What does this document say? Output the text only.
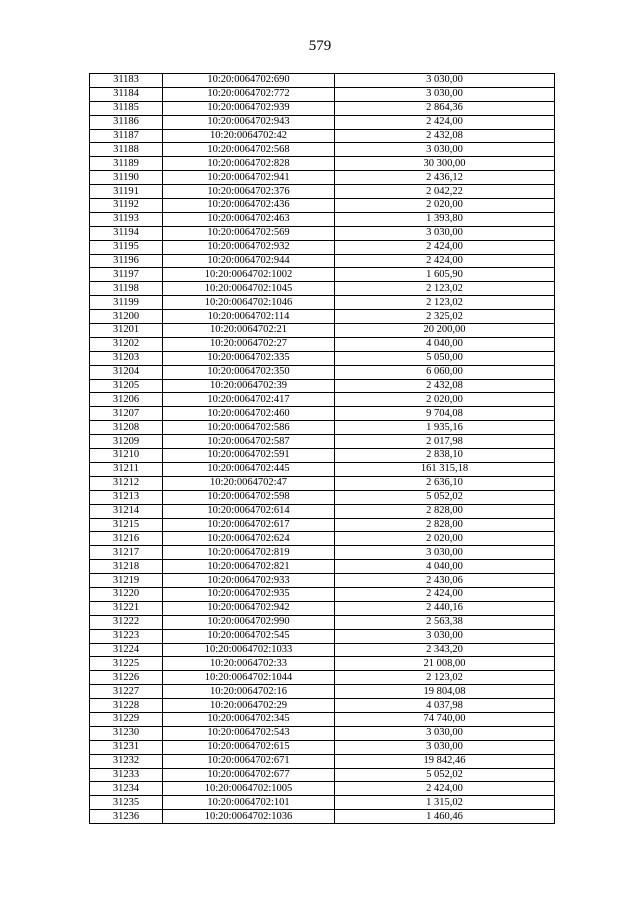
579
31183	10:20:0064702:690	3 030,00
31184	10:20:0064702:772	3 030,00
31185	10:20:0064702:939	2 864,36
31186	10:20:0064702:943	2 424,00
31187	10:20:0064702:42	2 432,08
31188	10:20:0064702:568	3 030,00
31189	10:20:0064702:828	30 300,00
31190	10:20:0064702:941	2 436,12
31191	10:20:0064702:376	2 042,22
31192	10:20:0064702:436	2 020,00
31193	10:20:0064702:463	1 393,80
31194	10:20:0064702:569	3 030,00
31195	10:20:0064702:932	2 424,00
31196	10:20:0064702:944	2 424,00
31197	10:20:0064702:1002	1 605,90
31198	10:20:0064702:1045	2 123,02
31199	10:20:0064702:1046	2 123,02
31200	10:20:0064702:114	2 325,02
31201	10:20:0064702:21	20 200,00
31202	10:20:0064702:27	4 040,00
31203	10:20:0064702:335	5 050,00
31204	10:20:0064702:350	6 060,00
31205	10:20:0064702:39	2 432,08
31206	10:20:0064702:417	2 020,00
31207	10:20:0064702:460	9 704,08
31208	10:20:0064702:586	1 935,16
31209	10:20:0064702:587	2 017,98
31210	10:20:0064702:591	2 838,10
31211	10:20:0064702:445	161 315,18
31212	10:20:0064702:47	2 636,10
31213	10:20:0064702:598	5 052,02
31214	10:20:0064702:614	2 828,00
31215	10:20:0064702:617	2 828,00
31216	10:20:0064702:624	2 020,00
31217	10:20:0064702:819	3 030,00
31218	10:20:0064702:821	4 040,00
31219	10:20:0064702:933	2 430,06
31220	10:20:0064702:935	2 424,00
31221	10:20:0064702:942	2 440,16
31222	10:20:0064702:990	2 563,38
31223	10:20:0064702:545	3 030,00
31224	10:20:0064702:1033	2 343,20
31225	10:20:0064702:33	21 008,00
31226	10:20:0064702:1044	2 123,02
31227	10:20:0064702:16	19 804,08
31228	10:20:0064702:29	4 037,98
31229	10:20:0064702:345	74 740,00
31230	10:20:0064702:543	3 030,00
31231	10:20:0064702:615	3 030,00
31232	10:20:0064702:671	19 842,46
31233	10:20:0064702:677	5 052,02
31234	10:20:0064702:1005	2 424,00
31235	10:20:0064702:101	1 315,02
31236	10:20:0064702:1036	1 460,46
